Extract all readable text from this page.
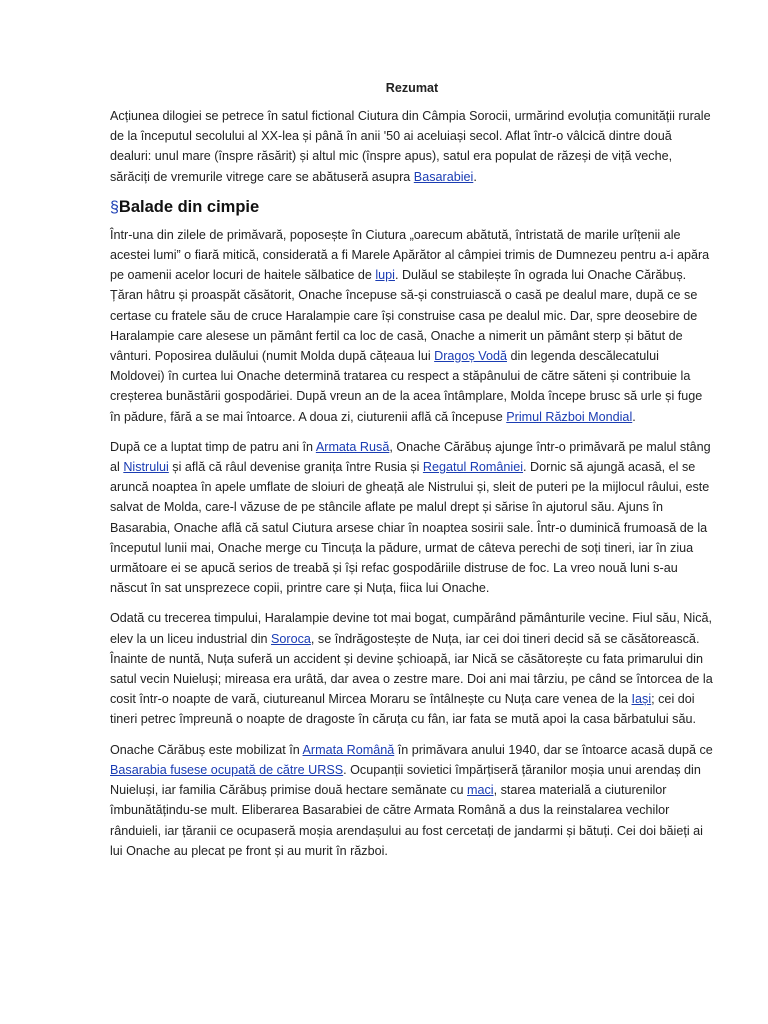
Rezumat

Acțiunea dilogiei se petrece în satul fictional Ciutura din Câmpia Sorocii, urmărind evoluția comunității rurale de la începutul secolului al XX-lea și până în anii '50 ai aceluiași secol. Aflat într-o vâlcică dintre două dealuri: unul mare (înspre răsărit) și altul mic (înspre apus), satul era populat de răzeși de viță veche, sărăciți de vremurile vitrege care se abătuseră asupra Basarabiei.

§Balade din cimpie

Într-una din zilele de primăvară, poposește în Ciutura „oarecum abătută, întristată de marile urîțenii ale acestei lumi” o fiară mitică, considerată a fi Marele Apărător al câmpiei trimis de Dumnezeu pentru a-i apăra pe oamenii acelor locuri de haitele sălbatice de lupi. Dulăul se stabilește în ograda lui Onache Cărăbuș. Țăran hâtru și proaspăt căsătorit, Onache începuse să-și construiască o casă pe dealul mare, după ce se certase cu fratele său de cruce Haralampie care își construise casa pe dealul mic. Dar, spre deosebire de Haralampie care alesese un pământ fertil ca loc de casă, Onache a nimerit un pământ sterp și bătut de vânturi. Poposirea dulăului (numit Molda după cățeaua lui Dragoș Vodă din legenda descălecatului Moldovei) în curtea lui Onache determină tratarea cu respect a stăpânului de către săteni și contribuie la creșterea bunăstării gospodăriei. După vreun an de la acea întâmplare, Molda începe brusc să urle și fuge în pădure, fără a se mai întoarce. A doua zi, ciuturenii află că începuse Primul Război Mondial.

După ce a luptat timp de patru ani în Armata Rusă, Onache Cărăbuș ajunge într-o primăvară pe malul stâng al Nistrului și află că râul devenise granița între Rusia și Regatul României. Dornic să ajungă acasă, el se aruncă noaptea în apele umflate de sloiuri de gheață ale Nistrului și, sleit de puteri pe la mijlocul râului, este salvat de Molda, care-l văzuse de pe stâncile aflate pe malul drept și sărise în ajutorul său. Ajuns în Basarabia, Onache află că satul Ciutura arsese chiar în noaptea sosirii sale. Într-o duminică frumoasă de la începutul lunii mai, Onache merge cu Tincuța la pădure, urmat de câteva perechi de soți tineri, iar în ziua următoare ei se apucă serios de treabă și își refac gospodăriile distruse de foc. La vreo nouă luni s-au născut în sat unsprezece copii, printre care și Nuța, fiica lui Onache.

Odată cu trecerea timpului, Haralampie devine tot mai bogat, cumpărând pământurile vecine. Fiul său, Nică, elev la un liceu industrial din Soroca, se îndrăgostește de Nuța, iar cei doi tineri decid să se căsătorească. Înainte de nuntă, Nuța suferă un accident și devine șchioapă, iar Nică se căsătorește cu fata primarului din satul vecin Nuieluși; mireasa era urâtă, dar avea o zestre mare. Doi ani mai târziu, pe când se întorcea de la cosit într-o noapte de vară, ciutureanul Mircea Moraru se întâlnește cu Nuța care venea de la Iași; cei doi tineri petrec împreună o noapte de dragoste în căruța cu fân, iar fata se mută apoi la casa bărbatului său.

Onache Cărăbuș este mobilizat în Armata Română în primăvara anului 1940, dar se întoarce acasă după ce Basarabia fusese ocupată de către URSS. Ocupanții sovietici împărțiseră țăranilor moșia unui arendaș din Nuieluși, iar familia Cărăbuș primise două hectare semănate cu maci, starea materială a ciuturenilor îmbunătățindu-se mult. Eliberarea Basarabiei de către Armata Română a dus la reinstalarea vechilor rânduieli, iar țăranii ce ocupaseră moșia arendașului au fost cercetați de jandarmi și bătuți. Cei doi băieți ai lui Onache au plecat pe front și au murit în război.
